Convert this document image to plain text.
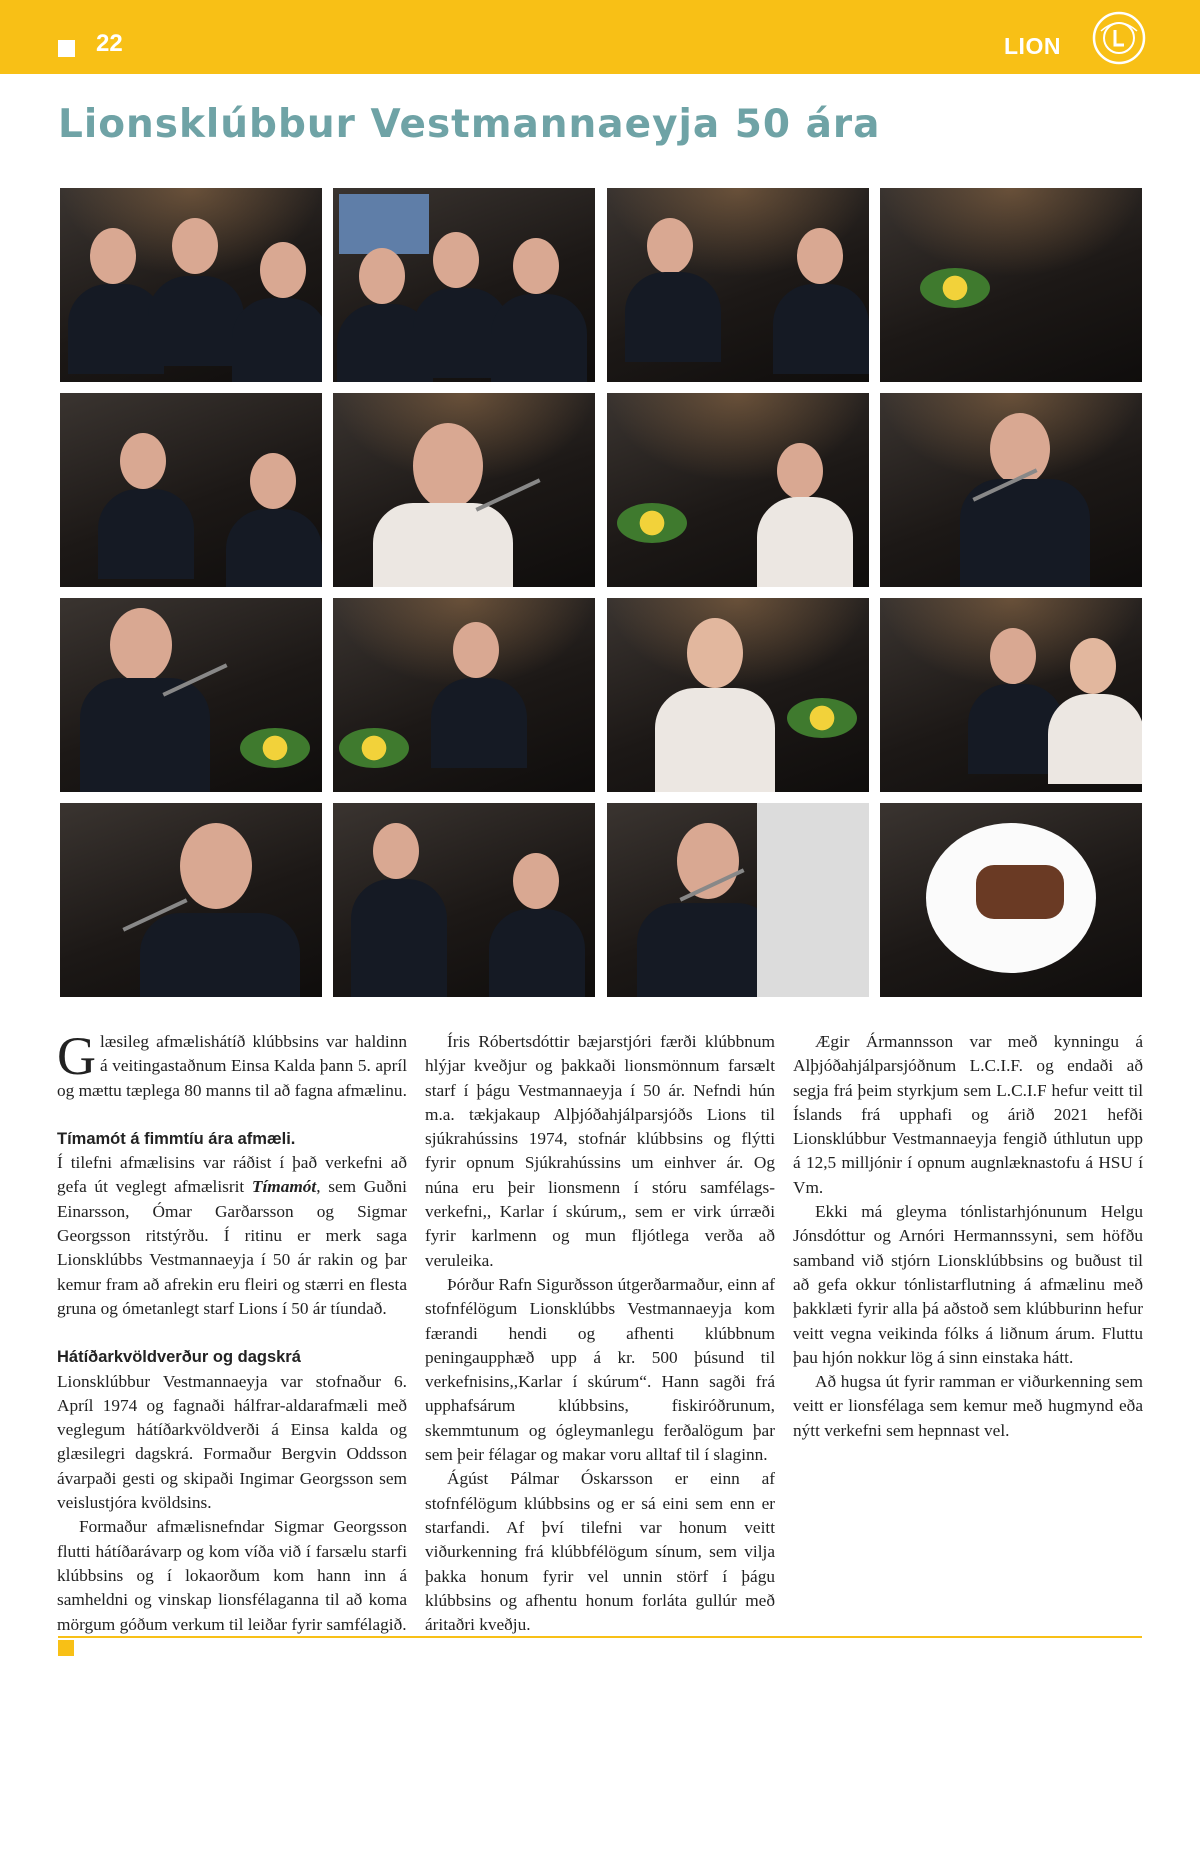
22	LION
Lionsklúbbur Vestmannaeyja 50 ára

Glæsileg afmælishátíð klúbbsins var haldinn á veitingastaðnum Einsa Kalda þann 5. apríl og mættu tæplega 80 manns til að fagna afmælinu.

Tímamót á fimmtíu ára afmæli.

Í tilefni afmælisins var ráðist í það verkefni að gefa út veglegt afmælisrit Tímamót, sem Guðni Einarsson, Ómar Garðarsson og Sigmar Georgsson ritstýrðu. Í ritinu er merk saga Lionsklúbbs Vestmannaeyja í 50 ár rakin og þar kemur fram að afrekin eru fleiri og stærri en flesta gruna og ómetanlegt starf Lions í 50 ár tíundað.

Hátíðarkvöldverður og dagskrá

Lionsklúbbur Vestmannaeyja var stofnaður 6. Apríl 1974 og fagnaði hálfrar-aldarafmæli með veglegum hátíðarkvöldverði á Einsa kalda og glæsilegri dagskrá. Formaður Bergvin Oddsson ávarpaði gesti og skipaði Ingimar Georgsson sem veislustjóra kvöldsins.

Formaður afmælisnefndar Sigmar Georgsson flutti hátíðarávarp og kom víða við í farsælu starfi klúbbsins og í lokaorðum kom hann inn á samheldni og vinskap lionsfélaganna til að koma mörgum góðum verkum til leiðar fyrir samfélagið.

Íris Róbertsdóttir bæjarstjóri færði klúbbnum hlýjar kveðjur og þakkaði lionsmönnum farsælt starf í þágu Vestmannaeyja í 50 ár. Nefndi hún m.a. tækjakaup Alþjóðahjálparsjóðs Lions til sjúkrahússins 1974, stofnár klúbbsins og flýtti fyrir opnum Sjúkrahússins um einhver ár. Og núna eru þeir lionsmenn í stóru samfélags-verkefni,, Karlar í skúrum,, sem er virk úrræði fyrir karlmenn og mun fljótlega verða að veruleika.

Þórður Rafn Sigurðsson útgerðarmaður, einn af stofnfélögum Lionsklúbbs Vestmannaeyja kom færandi hendi og afhenti klúbbnum peningaupphæð upp á kr. 500 þúsund til verkefnisins,,Karlar í skúrum“. Hann sagði frá upphafsárum klúbbsins, fiskiróðrunum, skemmtunum og ógleymanlegu ferðalögum þar sem þeir félagar og makar voru alltaf til í slaginn.

Ágúst Pálmar Óskarsson er einn af stofnfélögum klúbbsins og er sá eini sem enn er starfandi. Af því tilefni var honum veitt viðurkenning frá klúbbfélögum sínum, sem vilja þakka honum fyrir vel unnin störf í þágu klúbbsins og afhentu honum forláta gullúr með áritaðri kveðju.

Ægir Ármannsson var með kynningu á Alþjóðahjálparsjóðnum L.C.I.F. og endaði að segja frá þeim styrkjum sem L.C.I.F hefur veitt til Íslands frá upphafi og árið 2021 hefði Lionsklúbbur Vestmannaeyja fengið úthlutun upp á 12,5 milljónir í opnum augnlæknastofu á HSU í Vm.

Ekki má gleyma tónlistarhjónunum Helgu Jónsdóttur og Arnóri Hermannssyni, sem höfðu samband við stjórn Lionsklúbbsins og buðust til að gefa okkur tónlistarflutning á afmælinu með þakklæti fyrir alla þá aðstoð sem klúbburinn hefur veitt vegna veikinda fólks á liðnum árum. Fluttu þau hjón nokkur lög á sinn einstaka hátt.

Að hugsa út fyrir ramman er viðurkenning sem veitt er lionsfélaga sem kemur með hugmynd eða nýtt verkefni sem hepnnast vel.
